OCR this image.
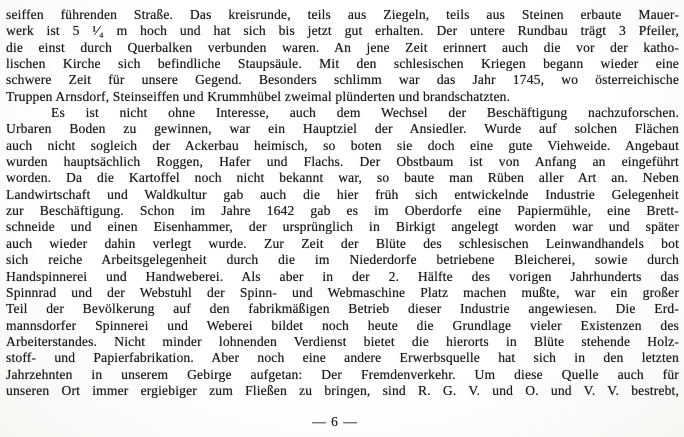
seiffen führenden Straße. Das kreisrunde, teils aus Ziegeln, teils aus Steinen erbaute Mauer-
werk ist 5 ¹⁄₄ m hoch und hat sich bis jetzt gut erhalten. Der untere Rundbau trägt 3 Pfeiler,
die einst durch Querbalken verbunden waren. An jene Zeit erinnert auch die vor der katho-
lischen Kirche sich befindliche Staupsäule. Mit den schlesischen Kriegen begann wieder eine
schwere Zeit für unsere Gegend. Besonders schlimm war das Jahr 1745, wo österreichische
Truppen Arnsdorf, Steinseiffen und Krummhübel zweimal plünderten und brandschatzten.
Es ist nicht ohne Interesse, auch dem Wechsel der Beschäftigung nachzuforschen.
Urbaren Boden zu gewinnen, war ein Hauptziel der Ansiedler. Wurde auf solchen Flächen
auch nicht sogleich der Ackerbau heimisch, so boten sie doch eine gute Viehweide. Angebaut
wurden hauptsächlich Roggen, Hafer und Flachs. Der Obstbaum ist von Anfang an eingeführt
worden. Da die Kartoffel noch nicht bekannt war, so baute man Rüben aller Art an. Neben
Landwirtschaft und Waldkultur gab auch die hier früh sich entwickelnde Industrie Gelegenheit
zur Beschäftigung. Schon im Jahre 1642 gab es im Oberdorfe eine Papiermühle, eine Brett-
schneide und einen Eisenhammer, der ursprünglich in Birkigt angelegt worden war und später
auch wieder dahin verlegt wurde. Zur Zeit der Blüte des schlesischen Leinwandhandels bot
sich reiche Arbeitsgelegenheit durch die im Niederdorfe betriebene Bleicherei, sowie durch
Handspinnerei und Handweberei. Als aber in der 2. Hälfte des vorigen Jahrhunderts das
Spinnrad und der Webstuhl der Spinn- und Webmaschine Platz machen mußte, war ein großer
Teil der Bevölkerung auf den fabrikmäßigen Betrieb dieser Industrie angewiesen. Die Erd-
mannsdorfer Spinnerei und Weberei bildet noch heute die Grundlage vieler Existenzen des
Arbeiterstandes. Nicht minder lohnenden Verdienst bietet die hierorts in Blüte stehende Holz-
stoff- und Papierfabrikation. Aber noch eine andere Erwerbsquelle hat sich in den letzten
Jahrzehnten in unserem Gebirge aufgetan: Der Fremdenverkehr. Um diese Quelle auch für
unseren Ort immer ergiebiger zum Fließen zu bringen, sind R. G. V. und O. und V. V. bestrebt,
— 6 —
